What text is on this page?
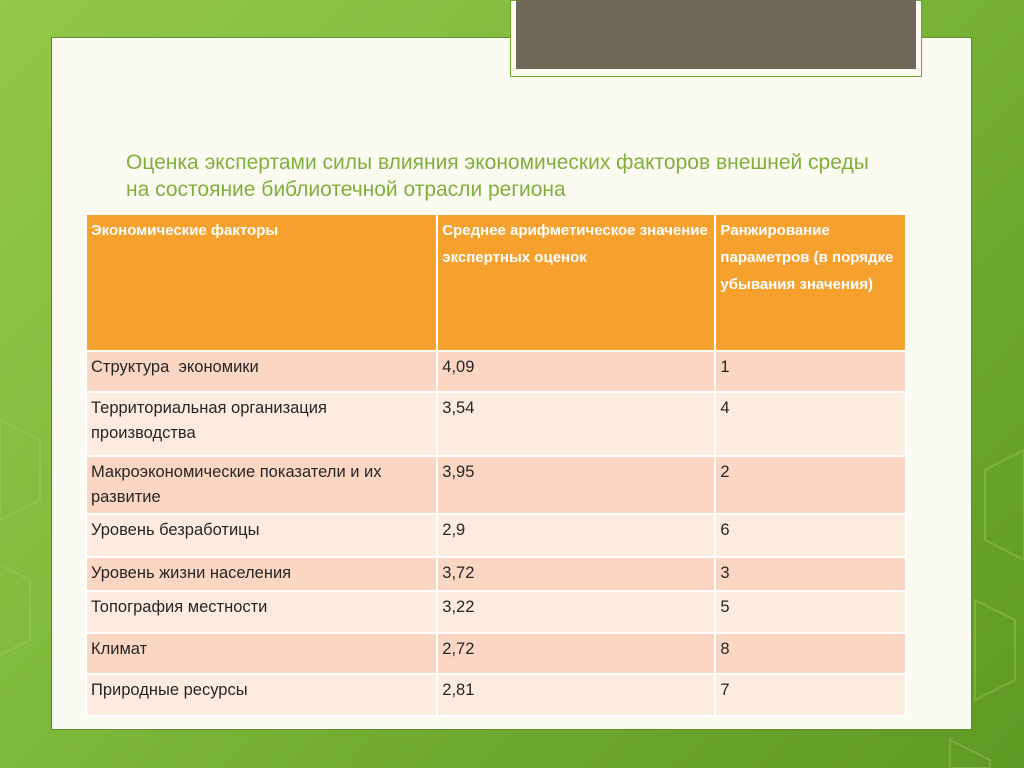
Оценка экспертами силы влияния экономических факторов внешней среды на состояние библиотечной отрасли региона
Экономические факторы	Среднее арифметическое значение экспертных оценок	Ранжирование параметров (в порядке убывания значения)
Структура  экономики	4,09	1
Территориальная организация производства	3,54	4
Макроэкономические показатели и их развитие	3,95	2
Уровень безработицы	2,9	6
Уровень жизни населения	3,72	3
Топография местности	3,22	5
Климат	2,72	8
Природные ресурсы	2,81	7
